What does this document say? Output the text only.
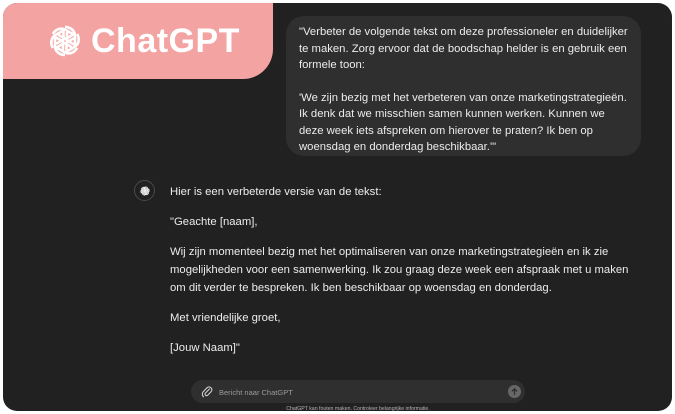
ChatGPT	"Verbeter de volgende tekst om deze professioneler en duidelijker te maken. Zorg ervoor dat de boodschap helder is en gebruik een formele toon:

'We zijn bezig met het verbeteren van onze marketingstrategieën. Ik denk dat we misschien samen kunnen werken. Kunnen we deze week iets afspreken om hierover te praten? Ik ben op woensdag en donderdag beschikbaar.'"

Hier is een verbeterde versie van de tekst:

"Geachte [naam],

Wij zijn momenteel bezig met het optimaliseren van onze marketingstrategieën en ik zie mogelijkheden voor een samenwerking. Ik zou graag deze week een afspraak met u maken om dit verder te bespreken. Ik ben beschikbaar op woensdag en donderdag.

Met vriendelijke groet,

[Jouw Naam]"

Bericht naar ChatGPT
ChatGPT kan fouten maken. Controleer belangrijke informatie.
